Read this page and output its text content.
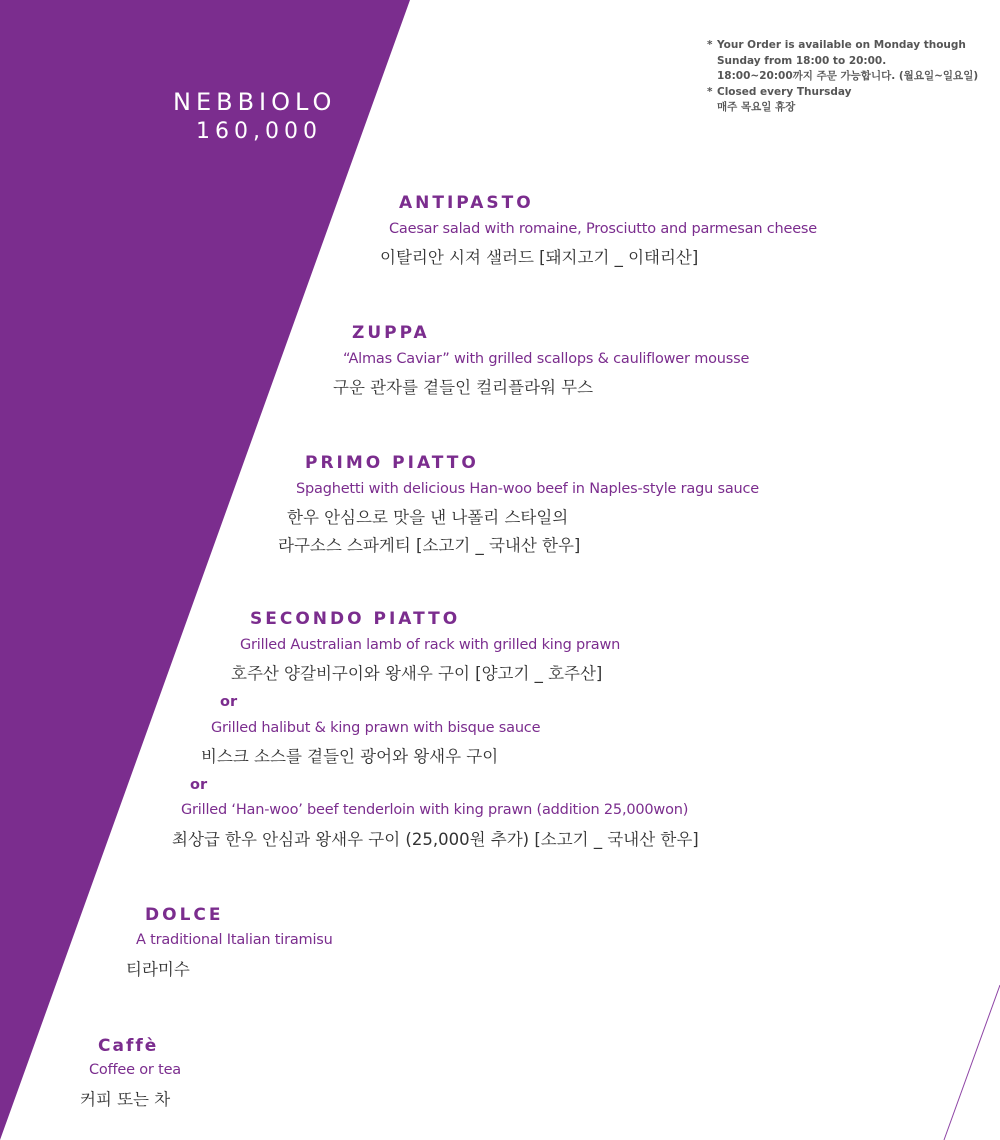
NEBBIOLO
160,000
* Your Order is available on Monday though
Sunday from 18:00 to 20:00.
18:00~20:00까지 주문 가능합니다. (월요일~일요일)
* Closed every Thursday
매주 목요일 휴장
ANTIPASTO
Caesar salad with romaine, Prosciutto and parmesan cheese
이탈리안 시져 샐러드 [돼지고기 _ 이태리산]
ZUPPA
“Almas Caviar” with grilled scallops & cauliflower mousse
구운 관자를 곁들인 컬리플라워 무스
PRIMO PIATTO
Spaghetti with delicious Han-woo beef in Naples-style ragu sauce
한우 안심으로 맛을 낸 나폴리 스타일의
라구소스 스파게티 [소고기 _ 국내산 한우]
SECONDO PIATTO
Grilled Australian lamb of rack with grilled king prawn
호주산 양갈비구이와 왕새우 구이 [양고기 _ 호주산]
or
Grilled halibut & king prawn with bisque sauce
비스크 소스를 곁들인 광어와 왕새우 구이
or
Grilled ‘Han-woo’ beef tenderloin with king prawn (addition 25,000won)
최상급 한우 안심과 왕새우 구이 (25,000원 추가) [소고기 _ 국내산 한우]
DOLCE
A traditional Italian tiramisu
티라미수
Caffè
Coffee or tea
커피 또는 차
